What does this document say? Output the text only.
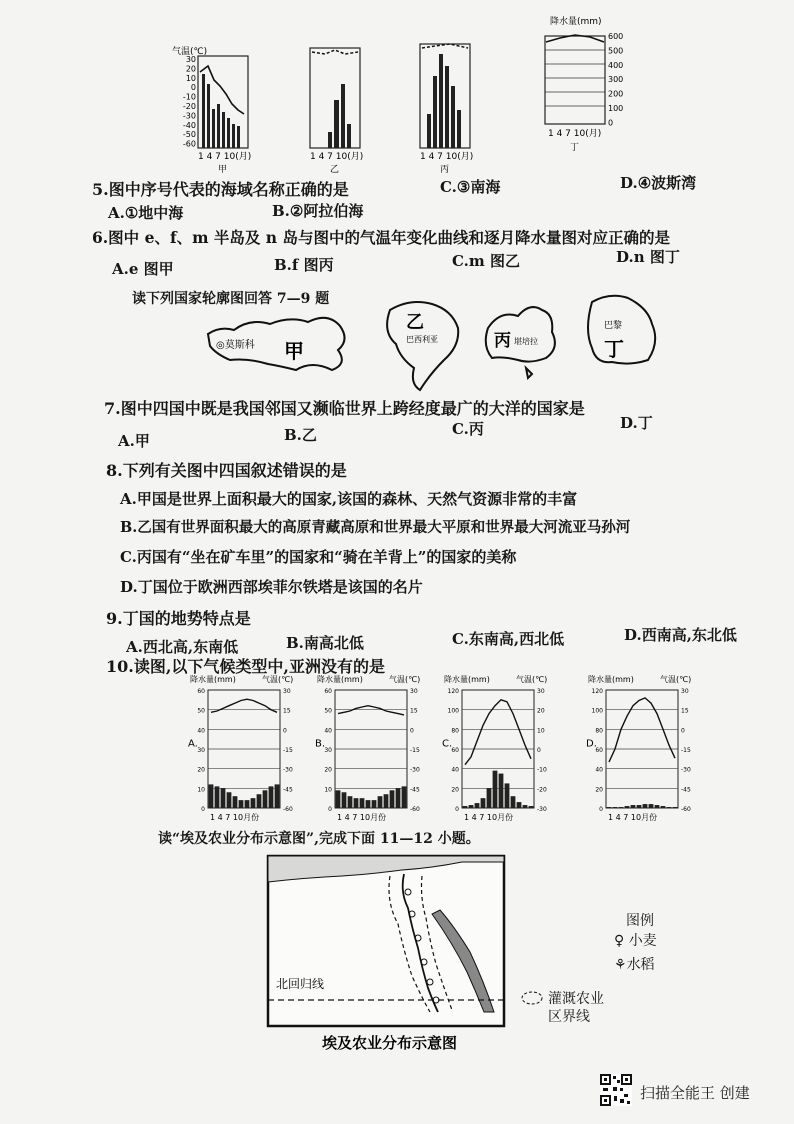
气温(℃)
30
20
10
0
-10
-20
-30
-40
-50
-60
1 4 7 10(月)
甲
1 4 7 10(月)
乙
1 4 7 10(月)
丙
降水量(mm)
600
500
400
300
200
100
0
1 4 7 10(月)
丁
5.图中序号代表的海域名称正确的是	C.③南海	D.④波斯湾
A.①地中海	B.②阿拉伯海
6.图中 e、f、m 半岛及 n 岛与图中的气温年变化曲线和逐月降水量图对应正确的是
A.e 图甲	B.f 图丙	C.m 图乙	D.n 图丁
读下列国家轮廓图回答 7—9 题
◎莫斯科 甲
乙
巴西利亚	丙 堪培拉
巴黎
丁
7.图中四国中既是我国邻国又濒临世界上跨经度最广的大洋的国家是
A.甲	B.乙	C.丙	D.丁
8.下列有关图中四国叙述错误的是
A.甲国是世界上面积最大的国家,该国的森林、天然气资源非常的丰富
B.乙国有世界面积最大的高原青藏高原和世界最大平原和世界最大河流亚马孙河
C.丙国有“坐在矿车里”的国家和“骑在羊背上”的国家的美称
D.丁国位于欧洲西部埃菲尔铁塔是该国的名片
9.丁国的地势特点是
A.西北高,东南低	B.南高北低	C.东南高,西北低	D.西南高,东北低
10.读图,以下气候类型中,亚洲没有的是
降水量(mm)	气温(℃)
60
50
40
30
20
10
0
30
15
0
-15
-30
-45
-60
A.
1 4 7 10月份
降水量(mm)	气温(℃)
60
50
40
30
20
10
0
30
15
0
-15
-30
-45
-60
B.
1 4 7 10月份
降水量(mm)	气温(℃)
120
100
80
60
40
20
0
30
20
10
0
-10
-20
-30
C.
1 4 7 10月份
降水量(mm)	气温(℃)
120
100
80
60
40
20
0
30
15
0
-15
-30
-45
-60
D.
1 4 7 10月份
读“埃及农业分布示意图”,完成下面 11—12 小题。
北回归线
埃及农业分布示意图
图例
♀ 小麦
⚘水稻
灌溉农业
区界线
扫描全能王 创建
